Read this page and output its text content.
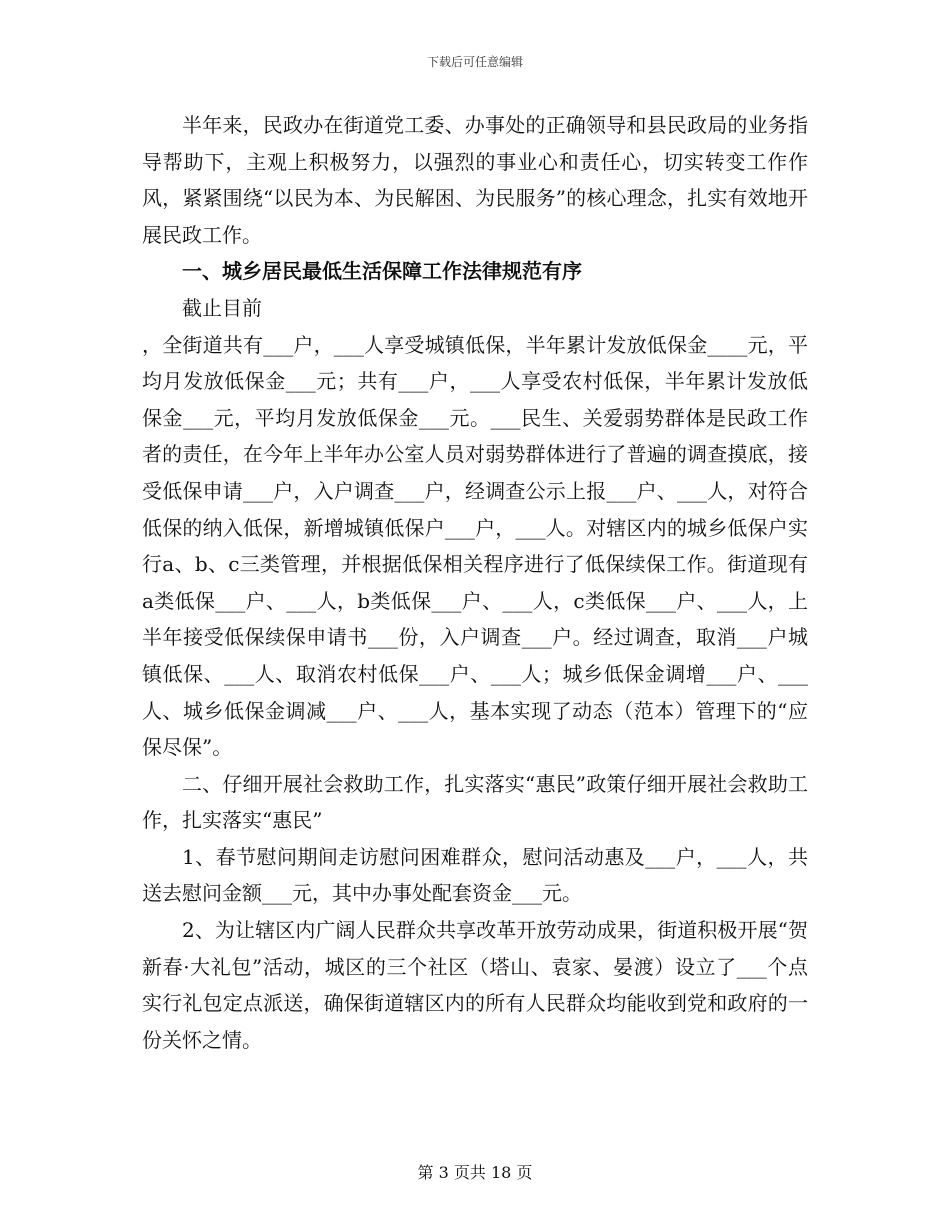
下载后可任意编辑

半年来，民政办在街道党工委、办事处的正确领导和县民政局的业务指导帮助下，主观上积极努力，以强烈的事业心和责任心，切实转变工作作风，紧紧围绕“以民为本、为民解困、为民服务”的核心理念，扎实有效地开展民政工作。

一、城乡居民最低生活保障工作法律规范有序

截止目前

，全街道共有___户，___人享受城镇低保，半年累计发放低保金____元，平均月发放低保金___元；共有___户，___人享受农村低保，半年累计发放低保金___元，平均月发放低保金___元。___民生、关爱弱势群体是民政工作者的责任，在今年上半年办公室人员对弱势群体进行了普遍的调查摸底，接受低保申请___户，入户调查___户，经调查公示上报___户、___人，对符合低保的纳入低保，新增城镇低保户___户，___人。对辖区内的城乡低保户实行a、b、c三类管理，并根据低保相关程序进行了低保续保工作。街道现有a类低保___户、___人，b类低保___户、___人，c类低保___户、___人，上半年接受低保续保申请书___份，入户调查___户。经过调查，取消___户城镇低保、___人、取消农村低保___户、___人；城乡低保金调增___户、___人、城乡低保金调减___户、___人，基本实现了动态（范本）管理下的“应保尽保”。

二、仔细开展社会救助工作，扎实落实“惠民”政策仔细开展社会救助工作，扎实落实“惠民”

1、春节慰问期间走访慰问困难群众，慰问活动惠及___户，___人，共送去慰问金额___元，其中办事处配套资金___元。

2、为让辖区内广阔人民群众共享改革开放劳动成果，街道积极开展“贺新春·大礼包”活动，城区的三个社区（塔山、袁家、晏渡）设立了___个点实行礼包定点派送，确保街道辖区内的所有人民群众均能收到党和政府的一份关怀之情。

第 3 页共 18 页
